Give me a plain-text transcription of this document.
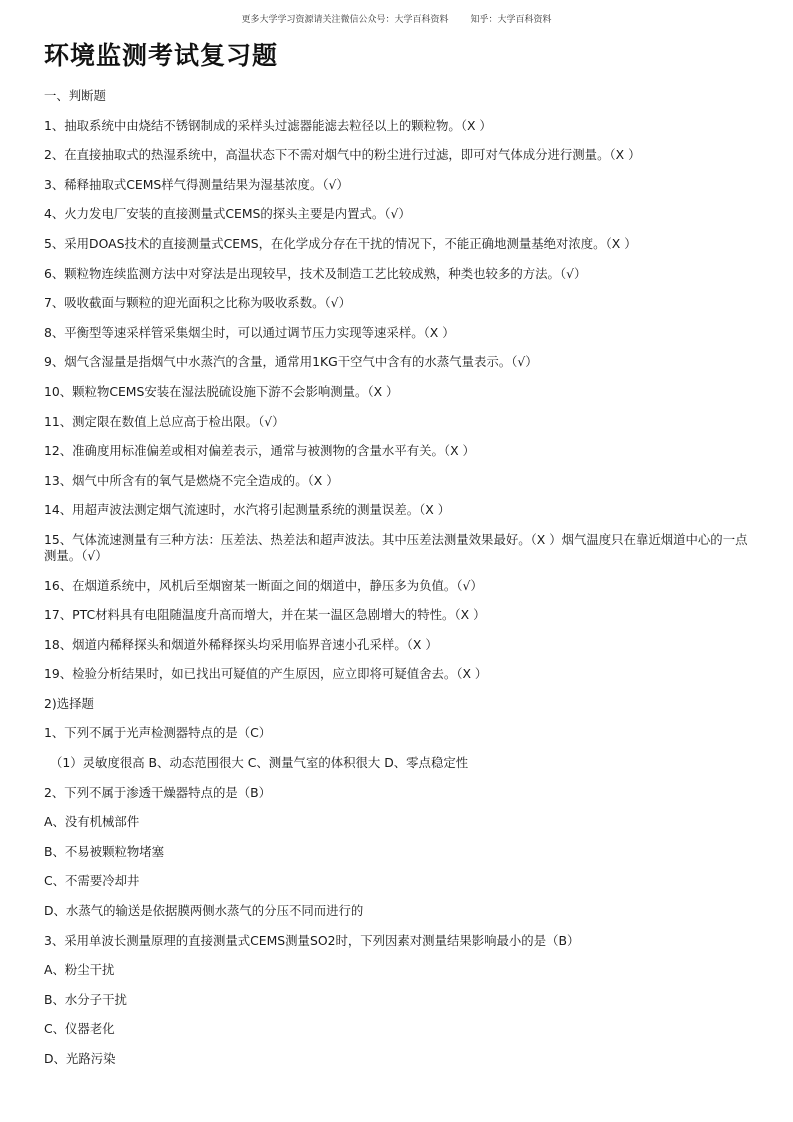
更多大学学习资源请关注微信公众号：大学百科资料 知乎：大学百科资料
环境监测考试复习题
一、判断题
1、抽取系统中由烧结不锈钢制成的采样头过滤器能滤去粒径以上的颗粒物。（X ）
2、在直接抽取式的热湿系统中，高温状态下不需对烟气中的粉尘进行过滤，即可对气体成分进行测量。（X ）
3、稀释抽取式CEMS样气得测量结果为湿基浓度。（√）
4、火力发电厂安装的直接测量式CEMS的探头主要是内置式。（√）
5、采用DOAS技术的直接测量式CEMS，在化学成分存在干扰的情况下，不能正确地测量基绝对浓度。（X ）
6、颗粒物连续监测方法中对穿法是出现较早，技术及制造工艺比较成熟，种类也较多的方法。（√）
7、吸收截面与颗粒的迎光面积之比称为吸收系数。（√）
8、平衡型等速采样管采集烟尘时，可以通过调节压力实现等速采样。（X ）
9、烟气含湿量是指烟气中水蒸汽的含量，通常用1KG干空气中含有的水蒸气量表示。（√）
10、颗粒物CEMS安装在湿法脱硫设施下游不会影响测量。（X ）
11、测定限在数值上总应高于检出限。（√）
12、准确度用标准偏差或相对偏差表示，通常与被测物的含量水平有关。（X ）
13、烟气中所含有的氧气是燃烧不完全造成的。（X ）
14、用超声波法测定烟气流速时，水汽将引起测量系统的测量误差。（X ）
15、气体流速测量有三种方法：压差法、热差法和超声波法。其中压差法测量效果最好。（X ）烟气温度只在靠近烟道中心的一点测量。（√）
16、在烟道系统中，风机后至烟窗某一断面之间的烟道中，静压多为负值。（√）
17、PTC材料具有电阻随温度升高而增大，并在某一温区急剧增大的特性。（X ）
18、烟道内稀释探头和烟道外稀释探头均采用临界音速小孔采样。（X ）
19、检验分析结果时，如已找出可疑值的产生原因，应立即将可疑值舍去。（X ）
2)选择题
1、下列不属于光声检测器特点的是（C）
（1）灵敏度很高 B、动态范围很大 C、测量气室的体积很大 D、零点稳定性
2、下列不属于渗透干燥器特点的是（B）
A、没有机械部件
B、不易被颗粒物堵塞
C、不需要冷却井
D、水蒸气的输送是依据膜两侧水蒸气的分压不同而进行的
3、采用单波长测量原理的直接测量式CEMS测量SO2时，下列因素对测量结果影响最小的是（B）
A、粉尘干扰
B、水分子干扰
C、仪器老化
D、光路污染
